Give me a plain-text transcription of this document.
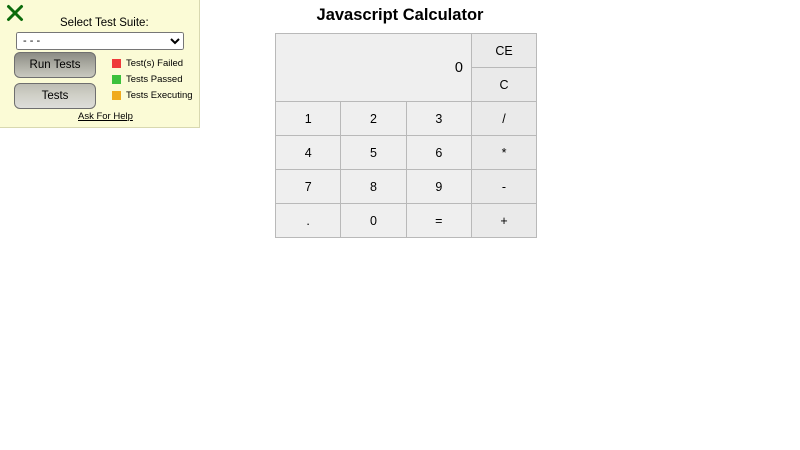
Select Test Suite:
- - -
Run Tests
Tests
Test(s) Failed
Tests Passed
Tests Executing
Ask For Help
Javascript Calculator
0			CE
			C
1	2	3	/
4	5	6	*
7	8	9	-
.	0	=	+
